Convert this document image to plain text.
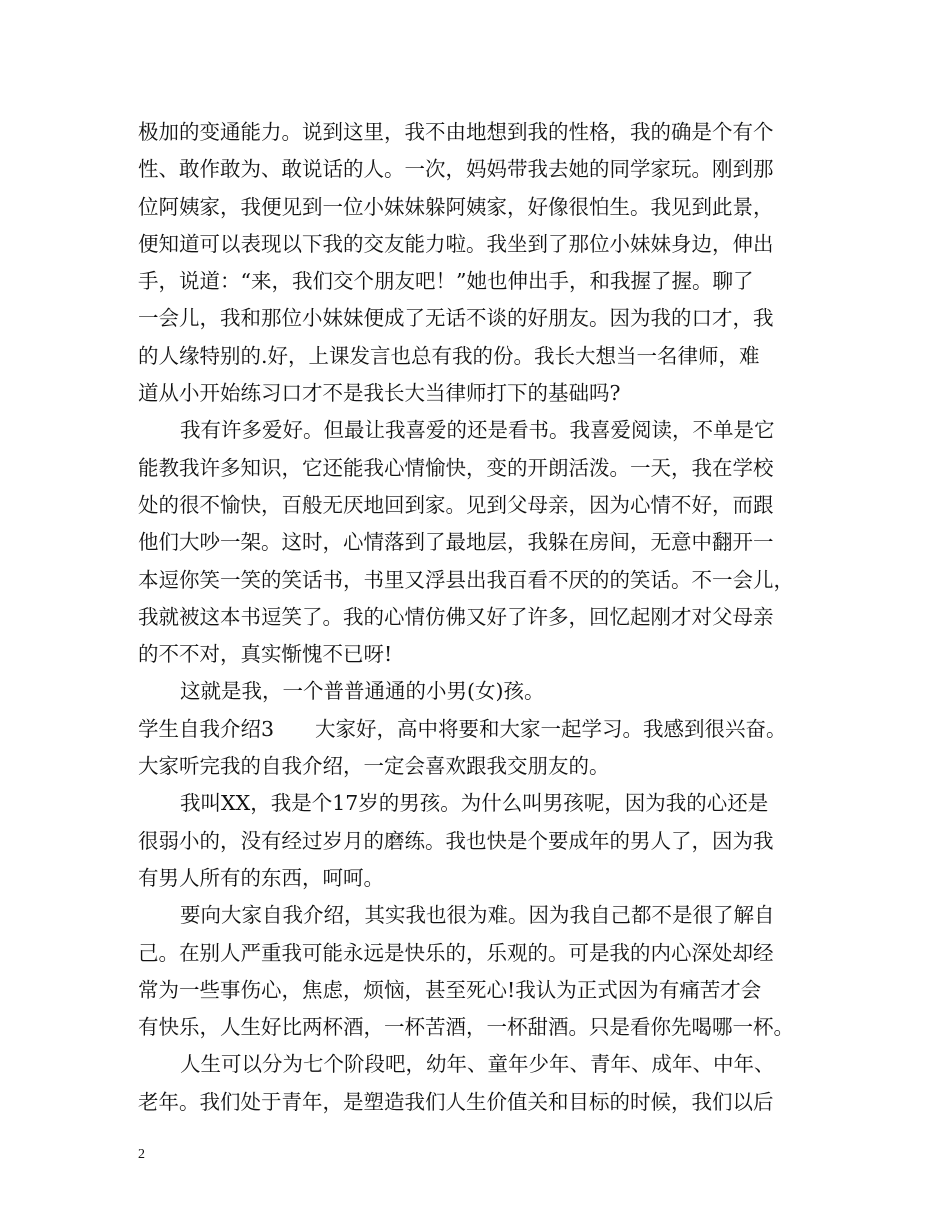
极加的变通能力。说到这里，我不由地想到我的性格，我的确是个有个
性、敢作敢为、敢说话的人。一次，妈妈带我去她的同学家玩。刚到那
位阿姨家，我便见到一位小妹妹躲阿姨家，好像很怕生。我见到此景，
便知道可以表现以下我的交友能力啦。我坐到了那位小妹妹身边，伸出
手，说道：“来，我们交个朋友吧！”她也伸出手，和我握了握。聊了
一会儿，我和那位小妹妹便成了无话不谈的好朋友。因为我的口才，我
的人缘特别的.好，上课发言也总有我的份。我长大想当一名律师，难
道从小开始练习口才不是我长大当律师打下的基础吗?
我有许多爱好。但最让我喜爱的还是看书。我喜爱阅读，不单是它
能教我许多知识，它还能我心情愉快，变的开朗活泼。一天，我在学校
处的很不愉快，百般无厌地回到家。见到父母亲，因为心情不好，而跟
他们大吵一架。这时，心情落到了最地层，我躲在房间，无意中翻开一
本逗你笑一笑的笑话书，书里又浮县出我百看不厌的的笑话。不一会儿，
我就被这本书逗笑了。我的心情仿佛又好了许多，回忆起刚才对父母亲
的不不对，真实惭愧不已呀!
这就是我，一个普普通通的小男(女)孩。
学生自我介绍3　　大家好，高中将要和大家一起学习。我感到很兴奋。
大家听完我的自我介绍，一定会喜欢跟我交朋友的。
我叫XX，我是个17岁的男孩。为什么叫男孩呢，因为我的心还是
很弱小的，没有经过岁月的磨练。我也快是个要成年的男人了，因为我
有男人所有的东西，呵呵。
要向大家自我介绍，其实我也很为难。因为我自己都不是很了解自
己。在别人严重我可能永远是快乐的，乐观的。可是我的内心深处却经
常为一些事伤心，焦虑，烦恼，甚至死心!我认为正式因为有痛苦才会
有快乐，人生好比两杯酒，一杯苦酒，一杯甜酒。只是看你先喝哪一杯。
人生可以分为七个阶段吧，幼年、童年少年、青年、成年、中年、
老年。我们处于青年，是塑造我们人生价值关和目标的时候，我们以后
2
